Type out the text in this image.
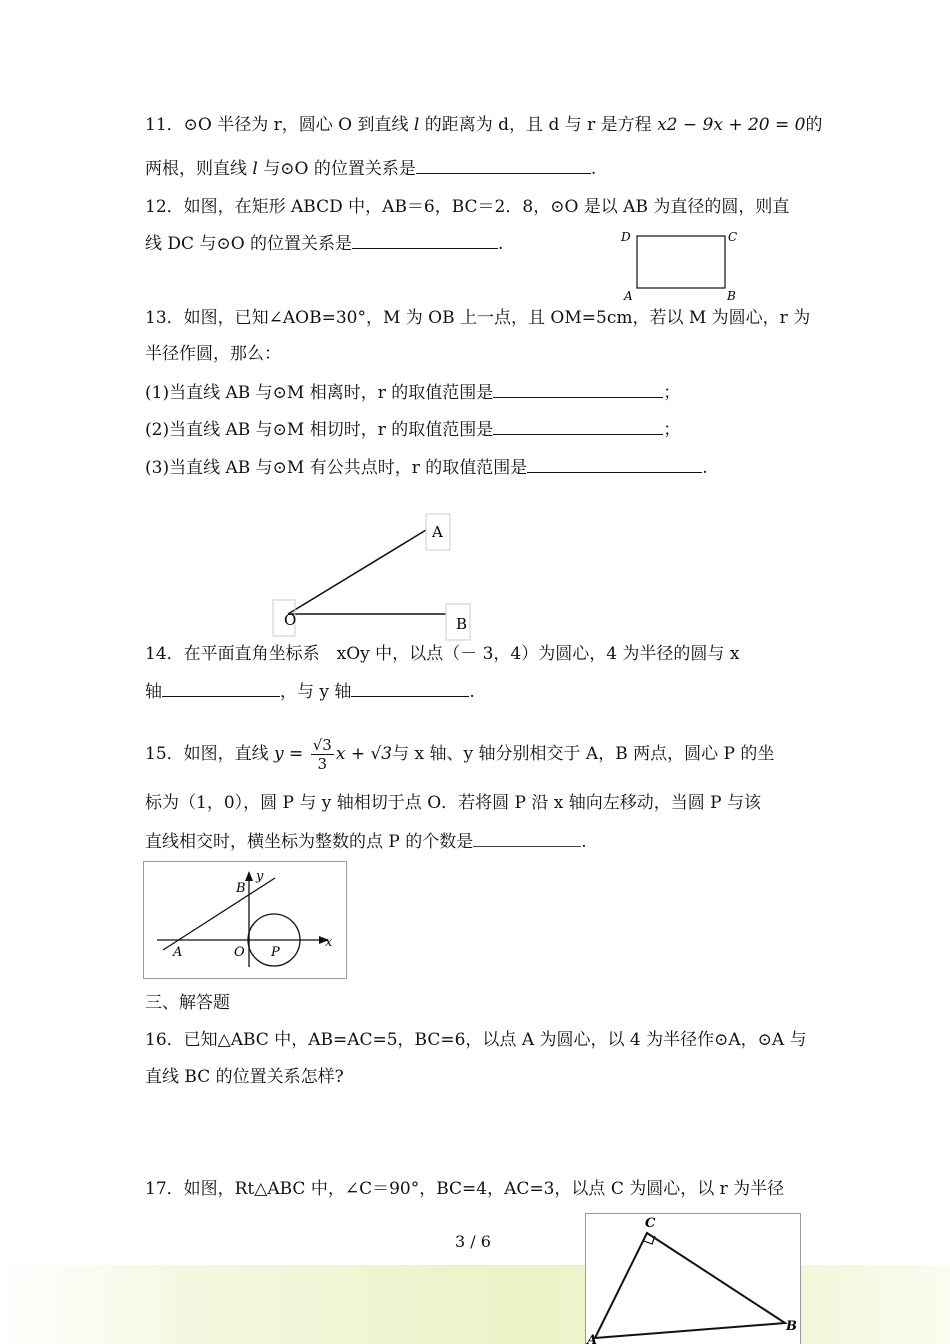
11．⊙O 半径为 r，圆心 O 到直线 l 的距离为 d，且 d 与 r 是方程 x2 − 9x + 20 = 0的
两根，则直线 l 与⊙O 的位置关系是	.
12．如图，在矩形 ABCD 中，AB＝6，BC＝2．8，⊙O 是以 AB 为直径的圆，则直
线 DC 与⊙O 的位置关系是	.	D	C
A	B
13．如图，已知∠AOB=30°，M 为 OB 上一点，且 OM=5cm，若以 M 为圆心，r 为
半径作圆，那么：
(1)当直线 AB 与⊙M 相离时，r 的取值范围是	；
(2)当直线 AB 与⊙M 相切时，r 的取值范围是	；
(3)当直线 AB 与⊙M 有公共点时，r 的取值范围是	.
A
O	B
14．在平面直角坐标系　xOy 中，以点（－ 3，4）为圆心，4 为半径的圆与 x
轴	，与 y 轴	.
15．如图，直线 $y = \frac{√3}{3}$ x + √3与 x 轴、y 轴分别相交于 A，B 两点，圆心 P 的坐
标为（1，0），圆 P 与 y 轴相切于点 O．若将圆 P 沿 x 轴向左移动，当圆 P 与该
直线相交时，横坐标为整数的点 P 的个数是	.
y
x
B
A	O P
三、解答题
16．已知△ABC 中，AB=AC=5，BC=6，以点 A 为圆心，以 4 为半径作⊙A，⊙A 与
直线 BC 的位置关系怎样?
17．如图，Rt△ABC 中，∠C＝90°，BC=4，AC=3，以点 C 为圆心，以 r 为半径
3 / 6
C
A
B
